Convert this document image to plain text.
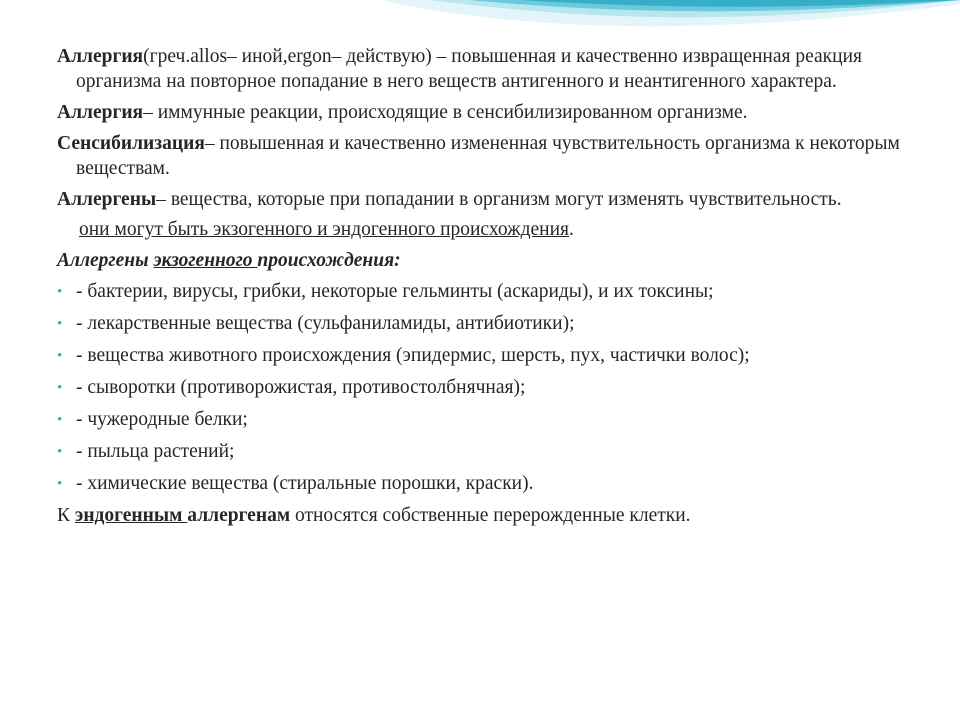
Аллергия(греч.allos– иной,ergon– действую) – повышенная и качественно извращенная реакция организма на повторное попадание в него веществ антигенного и неантигенного характера.

Аллергия– иммунные реакции, происходящие в сенсибилизированном организме.

Сенсибилизация– повышенная и качественно измененная чувствительность организма к некоторым веществам.

Аллергены– вещества, которые при попадании в организм могут изменять чувствительность.

они могут быть экзогенного и эндогенного происхождения.

Аллергены экзогенного происхождения:

• - бактерии, вирусы, грибки, некоторые гельминты (аскариды), и их токсины;
• - лекарственные вещества (сульфаниламиды, антибиотики);
• - вещества животного происхождения (эпидермис, шерсть, пух, частички волос);
• - сыворотки (противорожистая, противостолбнячная);
• - чужеродные белки;
• - пыльца растений;
• - химические вещества (стиральные порошки, краски).

К эндогенным аллергенам относятся собственные перерожденные клетки.
